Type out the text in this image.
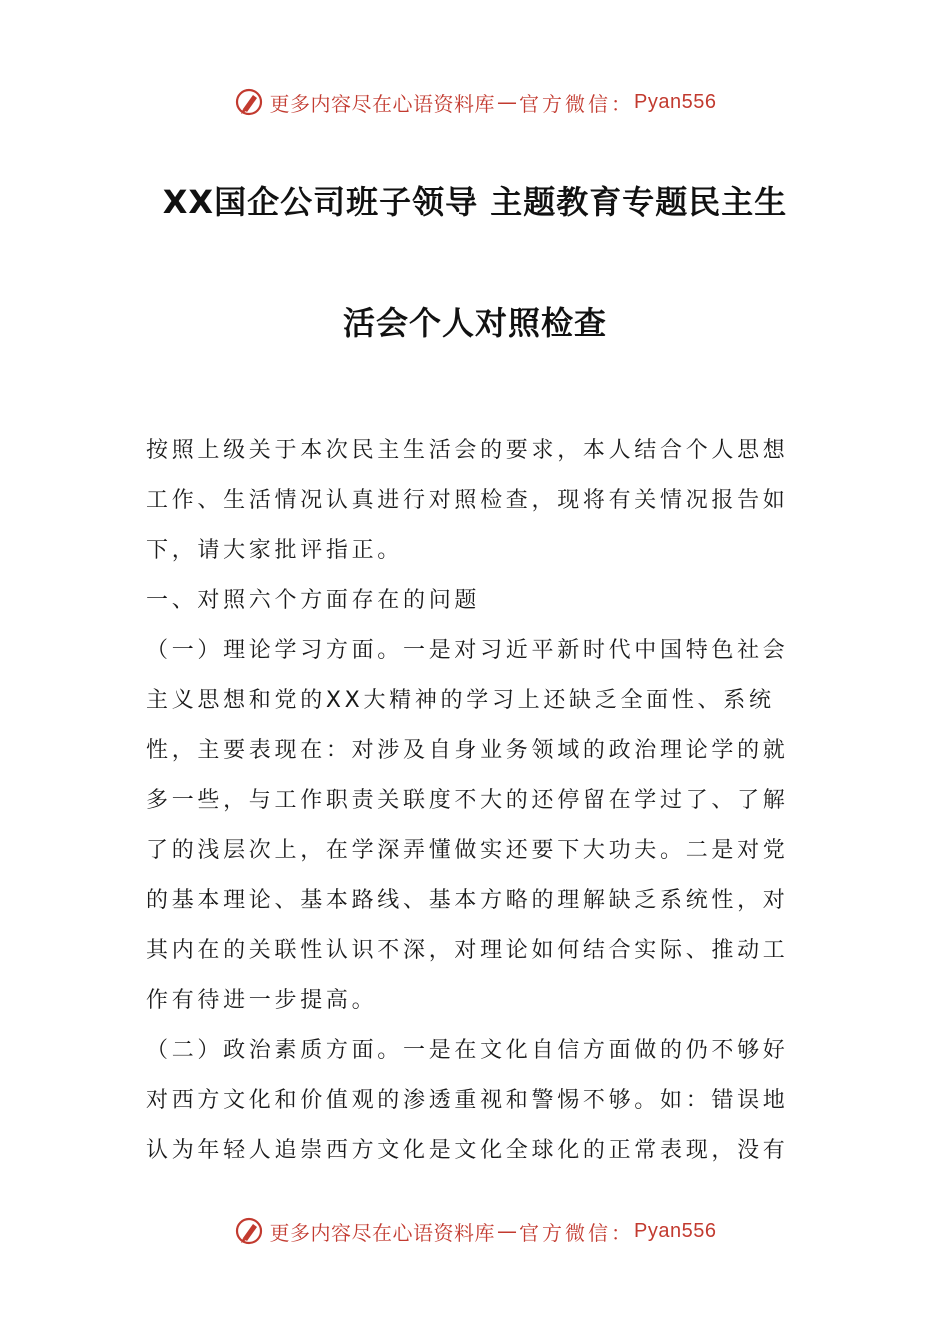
更多内容尽在心语资料库 — 官方微信： Pyan556
XX国企公司班子领导 主题教育专题民主生
活会个人对照检查

按照上级关于本次民主生活会的要求，本人结合个人思想工作、生活情况认真进行对照检查，现将有关情况报告如下，请大家批评指正。

一、对照六个方面存在的问题

（一）理论学习方面。一是对习近平新时代中国特色社会主义思想和党的XX大精神的学习上还缺乏全面性、系统性，主要表现在：对涉及自身业务领域的政治理论学的就多一些，与工作职责关联度不大的还停留在学过了、了解了的浅层次上，在学深弄懂做实还要下大功夫。二是对党的基本理论、基本路线、基本方略的理解缺乏系统性，对其内在的关联性认识不深，对理论如何结合实际、推动工作有待进一步提高。

（二）政治素质方面。一是在文化自信方面做的仍不够好对西方文化和价值观的渗透重视和警惕不够。如：错误地认为年轻人追崇西方文化是文化全球化的正常表现，没有

更多内容尽在心语资料库 — 官方微信： Pyan556
